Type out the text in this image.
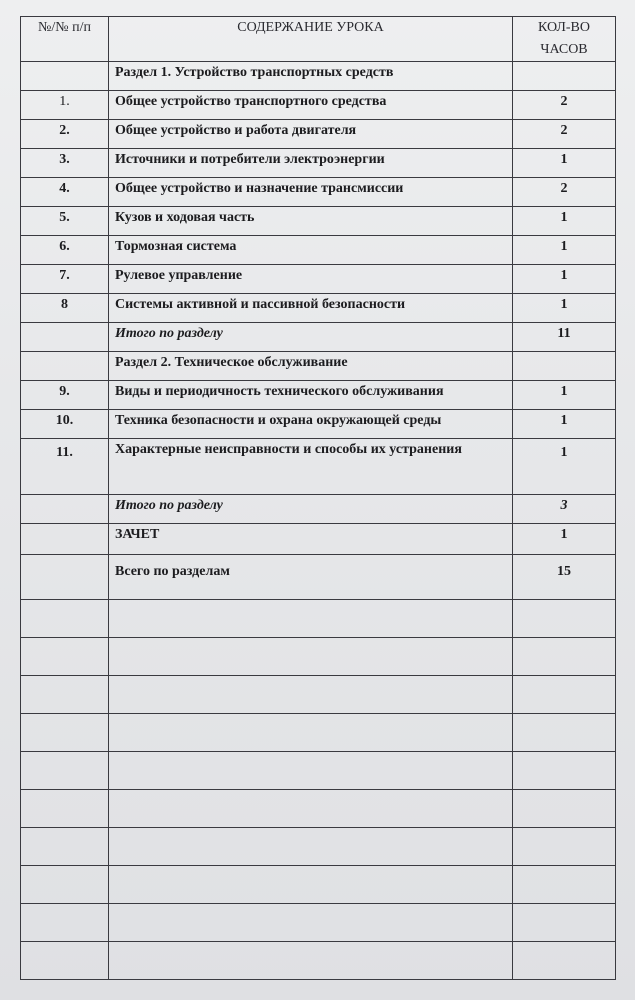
№/№ п/п	СОДЕРЖАНИЕ УРОКА	КОЛ-ВО ЧАСОВ
	Раздел 1. Устройство транспортных средств	
1.	Общее устройство транспортного средства	2
2.	Общее устройство и работа двигателя	2
3.	Источники и потребители электроэнергии	1
4.	Общее устройство и назначение трансмиссии	2
5.	Кузов и ходовая часть	1
6.	Тормозная система	1
7.	Рулевое управление	1
8	Системы активной и пассивной безопасности	1
	Итого по разделу	11
	Раздел 2. Техническое обслуживание	
9.	Виды и периодичность технического обслуживания	1
10.	Техника безопасности и охрана окружающей среды	1
11.	Характерные неисправности и способы их устранения	1
	Итого по разделу	3
	ЗАЧЕТ	1
	Всего по разделам	15
